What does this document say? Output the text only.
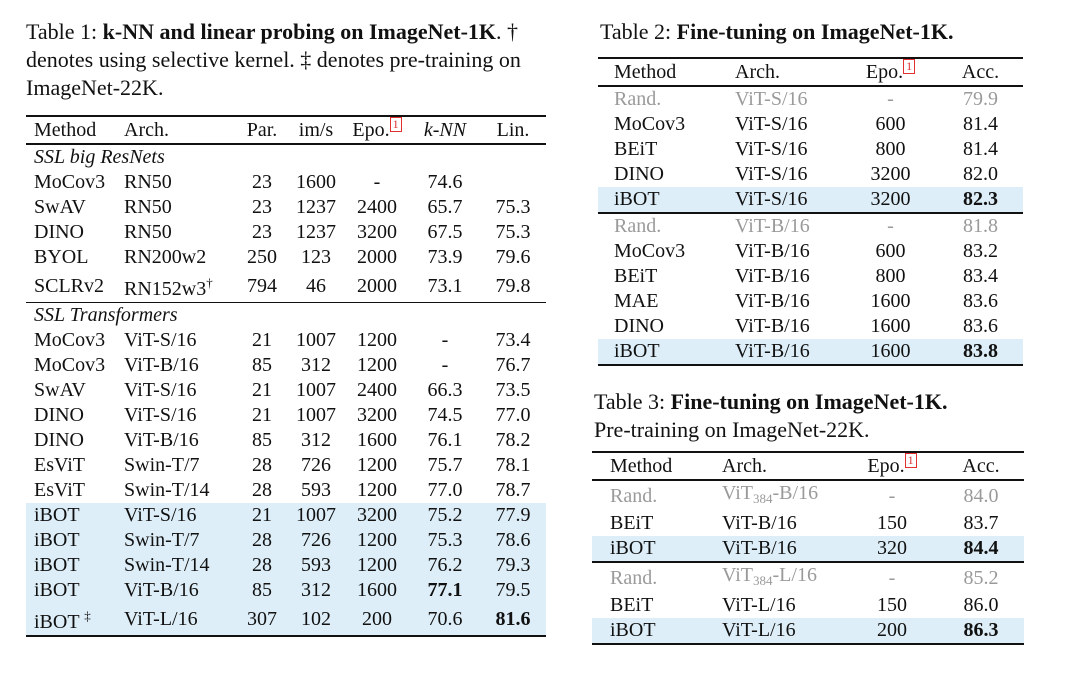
Table 1: k-NN and linear probing on ImageNet-1K. † denotes using selective kernel. ‡ denotes pre-training on ImageNet-22K.
Method	Arch.	Par.	im/s	Epo. 1	k-NN	Lin.
SSL big ResNets						
MoCov3	RN50	23	1600	-	74.6	
SwAV	RN50	23	1237	2400	65.7	75.3
DINO	RN50	23	1237	3200	67.5	75.3
BYOL	RN200w2	250	123	2000	73.9	79.6
SCLRv2	RN152w3†	794	46	2000	73.1	79.8
SSL Transformers						
MoCov3	ViT-S/16	21	1007	1200	-	73.4
MoCov3	ViT-B/16	85	312	1200	-	76.7
SwAV	ViT-S/16	21	1007	2400	66.3	73.5
DINO	ViT-S/16	21	1007	3200	74.5	77.0
DINO	ViT-B/16	85	312	1600	76.1	78.2
EsViT	Swin-T/7	28	726	1200	75.7	78.1
EsViT	Swin-T/14	28	593	1200	77.0	78.7
iBOT	ViT-S/16	21	1007	3200	75.2	77.9
iBOT	Swin-T/7	28	726	1200	75.3	78.6
iBOT	Swin-T/14	28	593	1200	76.2	79.3
iBOT	ViT-B/16	85	312	1600	77.1	79.5
iBOT ‡	ViT-L/16	307	102	200	70.6	81.6
Table 2: Fine-tuning on ImageNet-1K.
Method	Arch.	Epo. 1	Acc.
Rand.	ViT-S/16	-	79.9
MoCov3	ViT-S/16	600	81.4
BEiT	ViT-S/16	800	81.4
DINO	ViT-S/16	3200	82.0
iBOT	ViT-S/16	3200	82.3
Rand.	ViT-B/16	-	81.8
MoCov3	ViT-B/16	600	83.2
BEiT	ViT-B/16	800	83.4
MAE	ViT-B/16	1600	83.6
DINO	ViT-B/16	1600	83.6
iBOT	ViT-B/16	1600	83.8
Table 3: Fine-tuning on ImageNet-1K.
Pre-training on ImageNet-22K.
Method	Arch.	Epo. 1	Acc.
Rand.	ViT$_{384}$-B/16	-	84.0
BEiT	ViT-B/16	150	83.7
iBOT	ViT-B/16	320	84.4
Rand.	ViT$_{384}$-L/16	-	85.2
BEiT	ViT-L/16	150	86.0
iBOT	ViT-L/16	200	86.3
